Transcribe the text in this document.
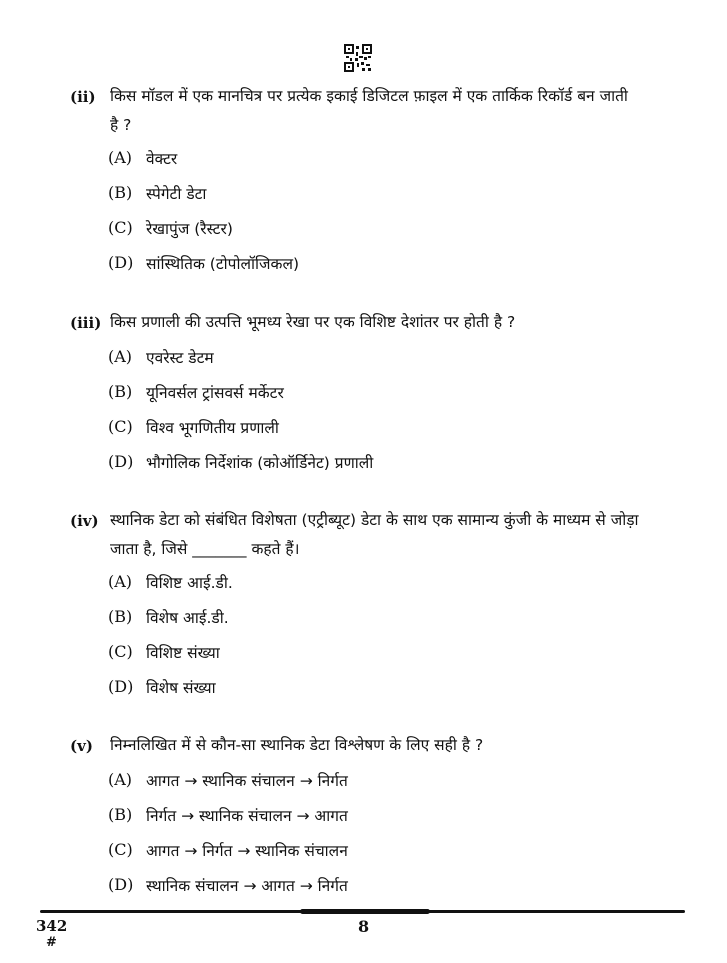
(ii) किस मॉडल में एक मानचित्र पर प्रत्येक इकाई डिजिटल फ़ाइल में एक तार्किक रिकॉर्ड बन जाती
है ?
(A) वेक्टर
(B) स्पेगेटी डेटा
(C) रेखापुंज (रैस्टर)
(D) सांस्थितिक (टोपोलॉजिकल)
(iii) किस प्रणाली की उत्पत्ति भूमध्य रेखा पर एक विशिष्ट देशांतर पर होती है ?
(A) एवरेस्ट डेटम
(B) यूनिवर्सल ट्रांसवर्स मर्केटर
(C) विश्व भूगणितीय प्रणाली
(D) भौगोलिक निर्देशांक (कोऑर्डिनेट) प्रणाली
(iv) स्थानिक डेटा को संबंधित विशेषता (एट्रीब्यूट) डेटा के साथ एक सामान्य कुंजी के माध्यम से जोड़ा
जाता है, जिसे _______ कहते हैं।
(A) विशिष्ट आई.डी.
(B) विशेष आई.डी.
(C) विशिष्ट संख्या
(D) विशेष संख्या
(v) निम्नलिखित में से कौन-सा स्थानिक डेटा विश्लेषण के लिए सही है ?
(A) आगत → स्थानिक संचालन → निर्गत
(B) निर्गत → स्थानिक संचालन → आगत
(C) आगत → निर्गत → स्थानिक संचालन
(D) स्थानिक संचालन → आगत → निर्गत
342
#
8
